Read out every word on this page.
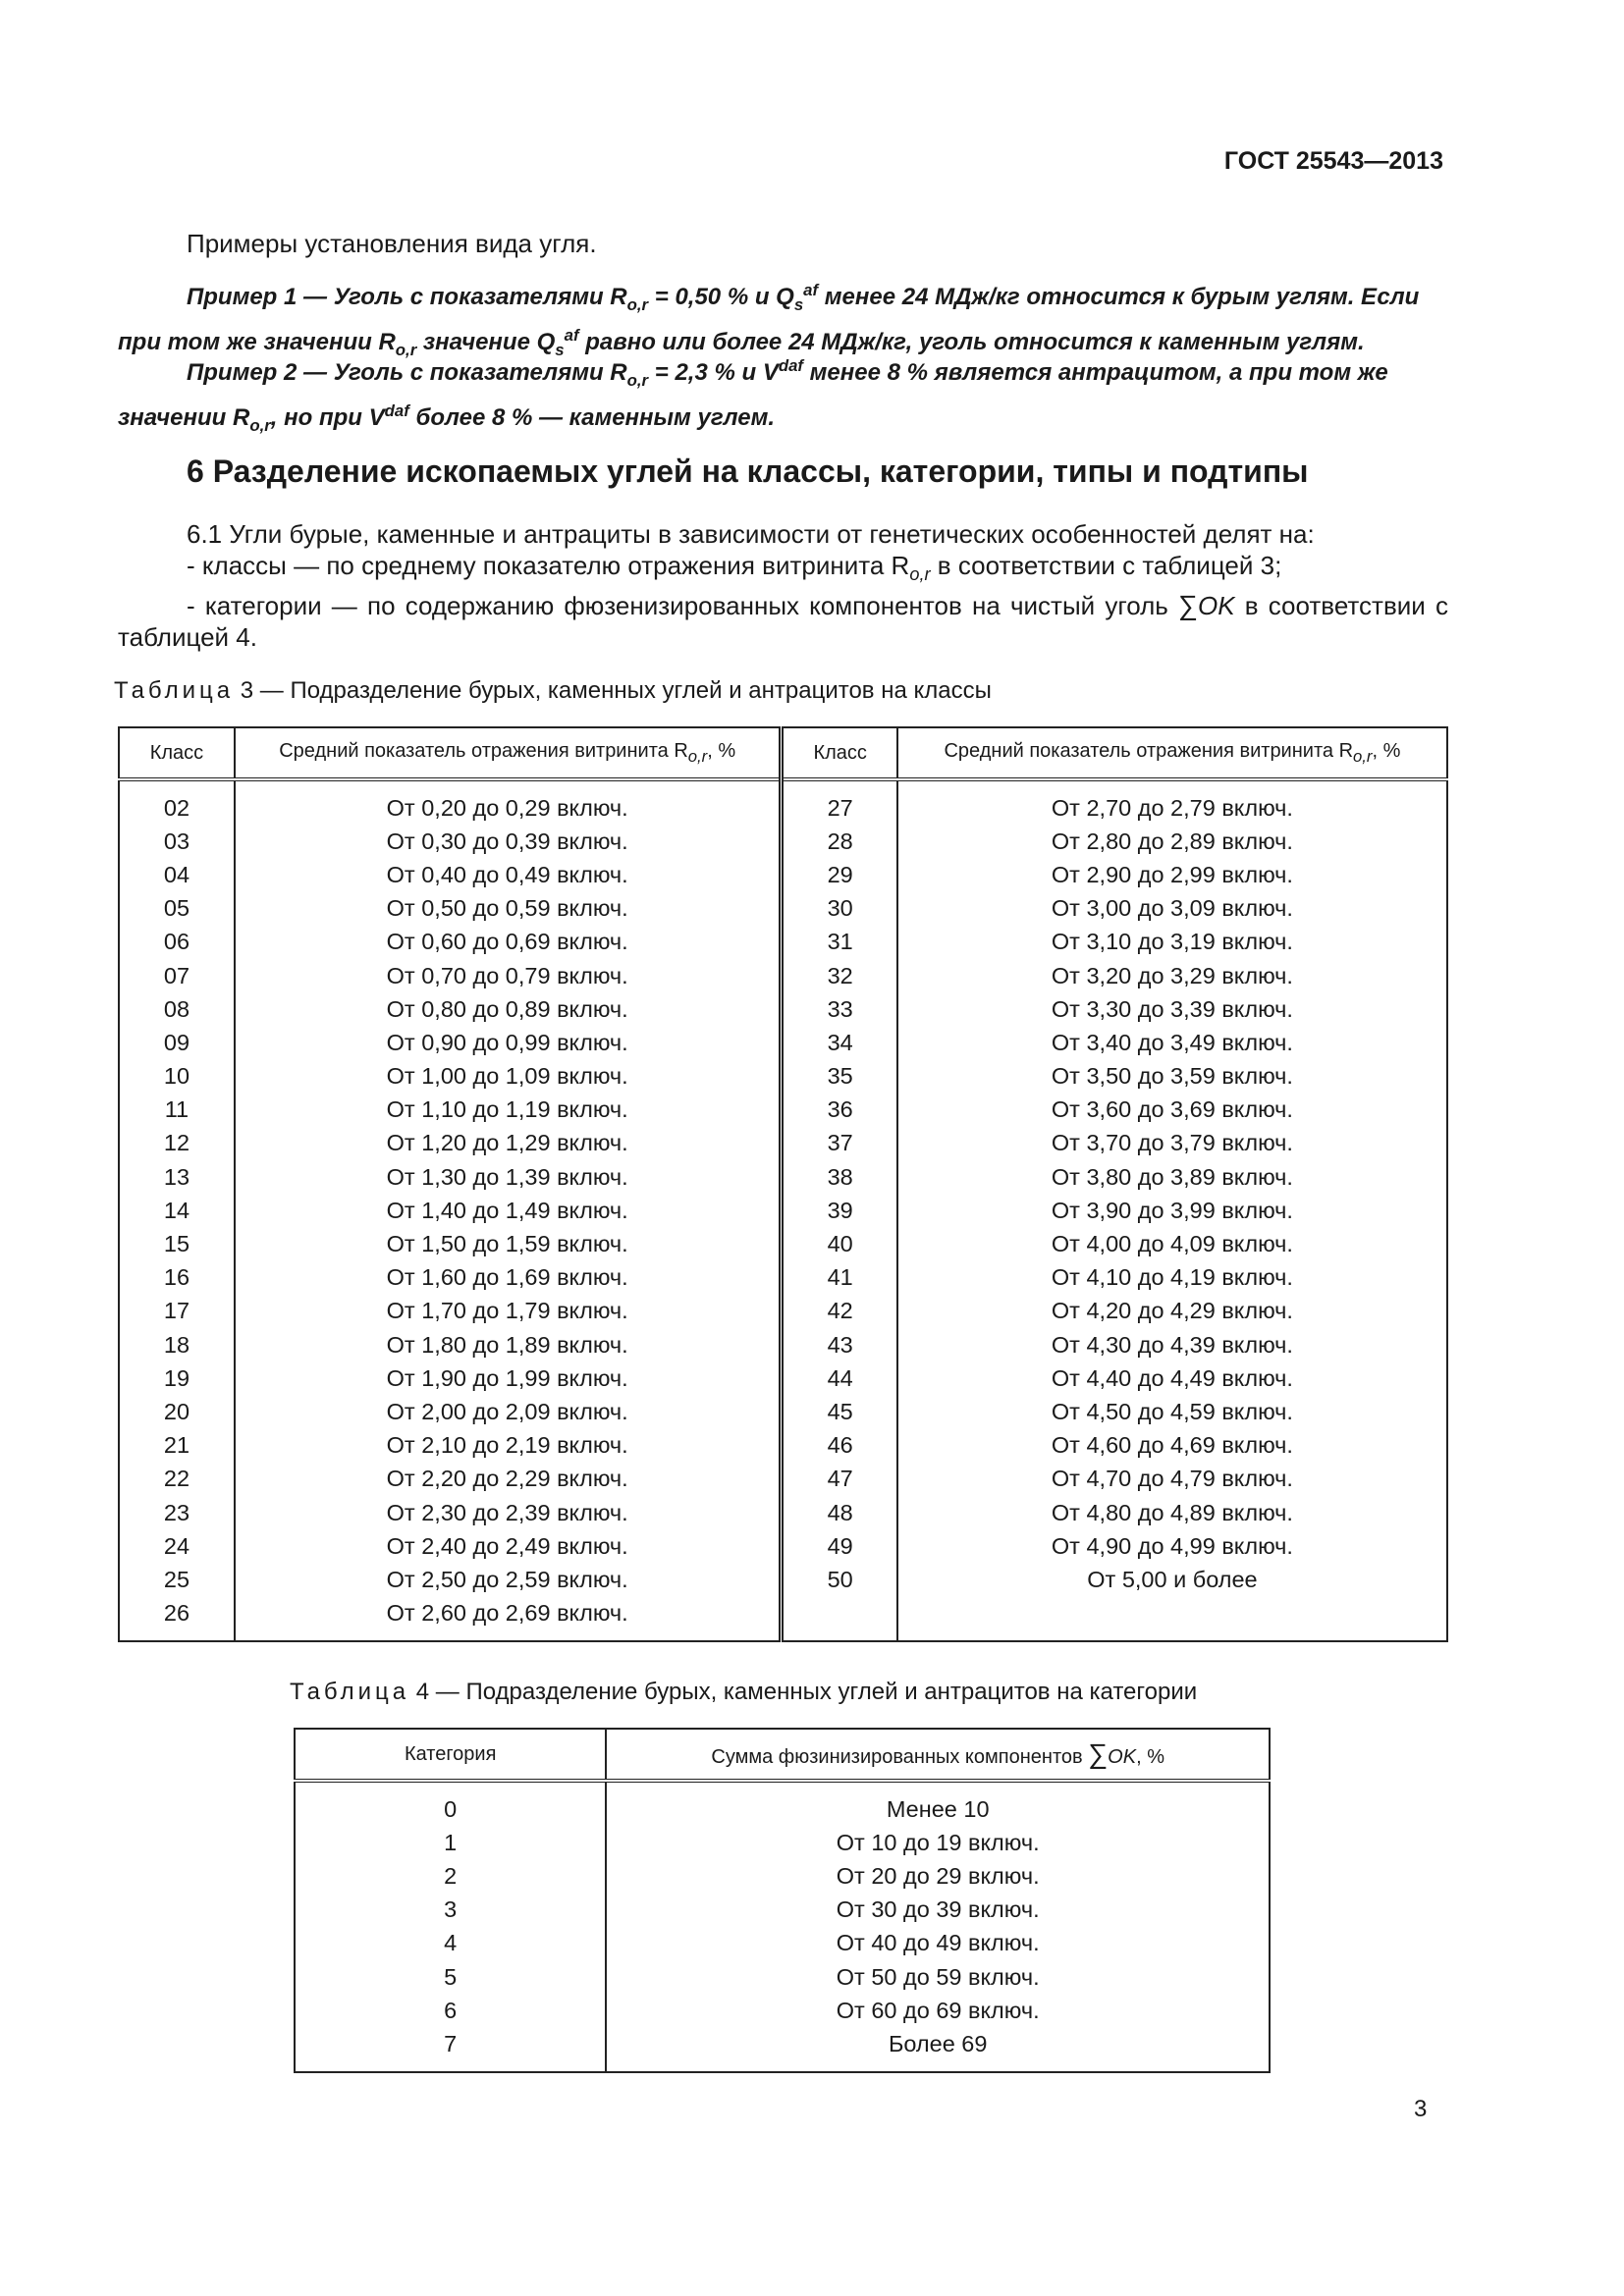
ГОСТ 25543—2013
Примеры установления вида угля.
Пример 1 — Уголь с показателями $R_{o,r} = 0,50$ % и $Q_s^{af}$ менее 24 МДж/кг относится к бурым углям. Если при том же значении $R_{o,r}$ значение $Q_s^{af}$ равно или более 24 МДж/кг, уголь относится к каменным углям.
Пример 2 — Уголь с показателями $R_{o,r} = 2,3$ % и $V^{daf}$ менее 8 % является антрацитом, а при том же значении $R_{o,r}$, но при $V^{daf}$ более 8 % — каменным углем.
6 Разделение ископаемых углей на классы, категории, типы и подтипы
6.1 Угли бурые, каменные и антрациты в зависимости от генетических особенностей делят на:
- классы — по среднему показателю отражения витринита $R_{o,r}$ в соответствии с таблицей 3;
- категории — по содержанию фюзенизированных компонентов на чистый уголь ∑OK в соответствии с таблицей 4.
Таблица 3 — Подразделение бурых, каменных углей и антрацитов на классы
Класс	Средний показатель отражения витринита $R_{o,r}$, %	Класс	Средний показатель отражения витринита $R_{o,r}$, %
02	От 0,20 до 0,29 включ.	27	От 2,70 до 2,79 включ.
03	От 0,30 до 0,39 включ.	28	От 2,80 до 2,89 включ.
04	От 0,40 до 0,49 включ.	29	От 2,90 до 2,99 включ.
05	От 0,50 до 0,59 включ.	30	От 3,00 до 3,09 включ.
06	От 0,60 до 0,69 включ.	31	От 3,10 до 3,19 включ.
07	От 0,70 до 0,79 включ.	32	От 3,20 до 3,29 включ.
08	От 0,80 до 0,89 включ.	33	От 3,30 до 3,39 включ.
09	От 0,90 до 0,99 включ.	34	От 3,40 до 3,49 включ.
10	От 1,00 до 1,09 включ.	35	От 3,50 до 3,59 включ.
11	От 1,10 до 1,19 включ.	36	От 3,60 до 3,69 включ.
12	От 1,20 до 1,29 включ.	37	От 3,70 до 3,79 включ.
13	От 1,30 до 1,39 включ.	38	От 3,80 до 3,89 включ.
14	От 1,40 до 1,49 включ.	39	От 3,90 до 3,99 включ.
15	От 1,50 до 1,59 включ.	40	От 4,00 до 4,09 включ.
16	От 1,60 до 1,69 включ.	41	От 4,10 до 4,19 включ.
17	От 1,70 до 1,79 включ.	42	От 4,20 до 4,29 включ.
18	От 1,80 до 1,89 включ.	43	От 4,30 до 4,39 включ.
19	От 1,90 до 1,99 включ.	44	От 4,40 до 4,49 включ.
20	От 2,00 до 2,09 включ.	45	От 4,50 до 4,59 включ.
21	От 2,10 до 2,19 включ.	46	От 4,60 до 4,69 включ.
22	От 2,20 до 2,29 включ.	47	От 4,70 до 4,79 включ.
23	От 2,30 до 2,39 включ.	48	От 4,80 до 4,89 включ.
24	От 2,40 до 2,49 включ.	49	От 4,90 до 4,99 включ.
25	От 2,50 до 2,59 включ.	50	От 5,00 и более
26	От 2,60 до 2,69 включ.		
Таблица 4 — Подразделение бурых, каменных углей и антрацитов на категории
Категория	Сумма фюзинизированных компонентов ∑OK, %
0	Менее 10
1	От 10 до 19 включ.
2	От 20 до 29 включ.
3	От 30 до 39 включ.
4	От 40 до 49 включ.
5	От 50 до 59 включ.
6	От 60 до 69 включ.
7	Более 69
3
